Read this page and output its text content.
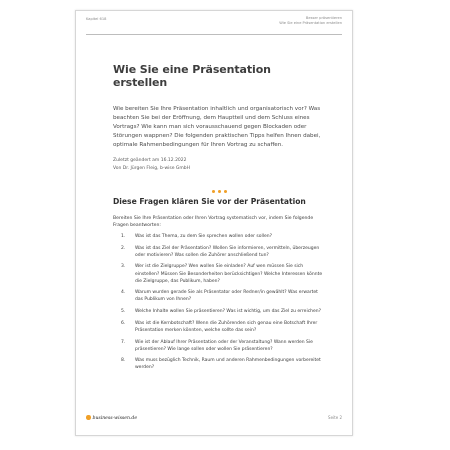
Kapitel 618	Besser präsentieren
Wie Sie eine Präsentation erstellen
Wie Sie eine Präsentation erstellen

Wie bereiten Sie Ihre Präsentation inhaltlich und organisatorisch vor? Was beachten Sie bei der Eröffnung, dem Hauptteil und dem Schluss eines Vortrags? Wie kann man sich vorausschauend gegen Blockaden oder Störungen wappnen? Die folgenden praktischen Tipps helfen Ihnen dabei, optimale Rahmenbedingungen für Ihren Vortrag zu schaffen.

Zuletzt geändert am 16.12.2022
Von Dr. Jürgen Fleig, b-wise GmbH
Diese Fragen klären Sie vor der Präsentation

Bereiten Sie Ihre Präsentation oder Ihren Vortrag systematisch vor, indem Sie folgende Fragen beantworten:

1. Was ist das Thema, zu dem Sie sprechen wollen oder sollen?
2. Was ist das Ziel der Präsentation? Wollen Sie informieren, vermitteln, überzeugen oder motivieren? Was sollen die Zuhörer anschließend tun?
3. Wer ist die Zielgruppe? Wen wollen Sie einladen? Auf wen müssen Sie sich einstellen? Müssen Sie Besonderheiten berücksichtigen? Welche Interessen könnte die Zielgruppe, das Publikum, haben?
4. Warum wurden gerade Sie als Präsentator oder Redner/in gewählt? Was erwartet das Publikum von Ihnen?
5. Welche Inhalte wollen Sie präsentieren? Was ist wichtig, um das Ziel zu erreichen?
6. Was ist die Kernbotschaft? Wenn die Zuhörenden sich genau eine Botschaft Ihrer Präsentation merken könnten, welche sollte das sein?
7. Wie ist der Ablauf Ihrer Präsentation oder der Veranstaltung? Wann werden Sie präsentieren? Wie lange sollen oder wollen Sie präsentieren?
8. Was muss bezüglich Technik, Raum und anderen Rahmenbedingungen vorbereitet werden?
business-wissen.de	Seite 2
